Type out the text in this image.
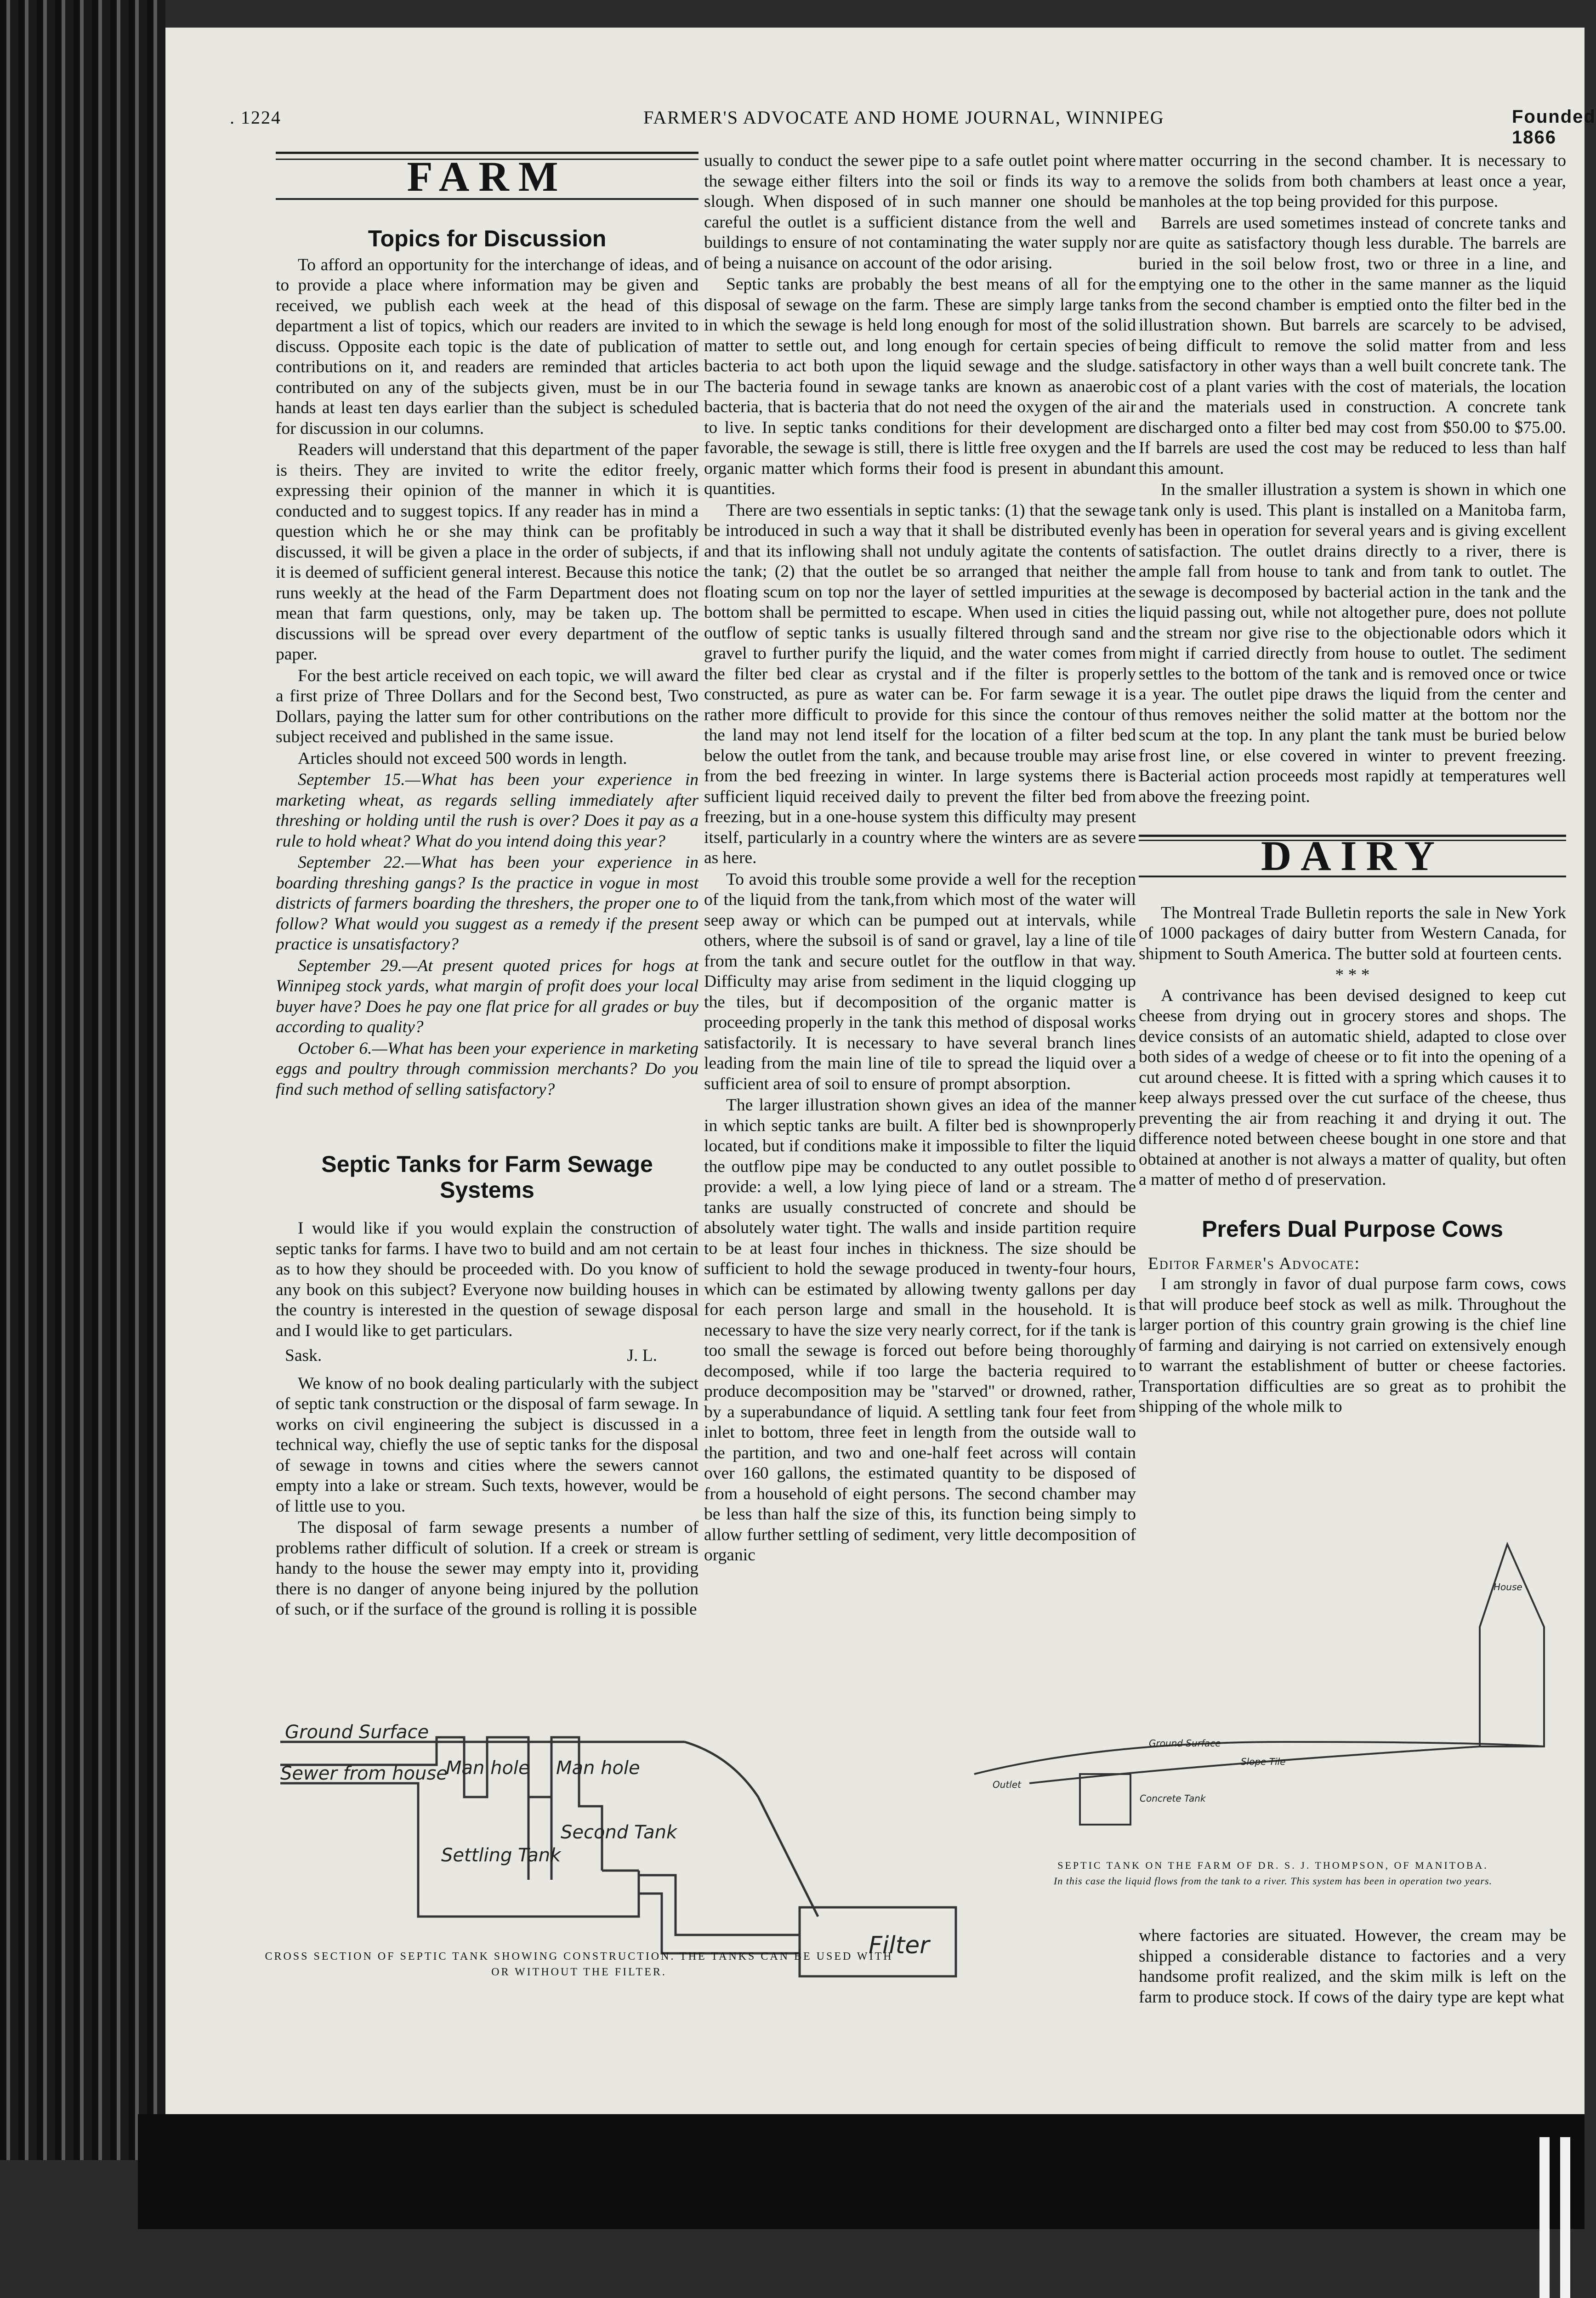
. 1224	FARMER'S ADVOCATE AND HOME JOURNAL, WINNIPEG	Founded 1866
FARM
Topics for Discussion

To afford an opportunity for the interchange of ideas, and to provide a place where information may be given and received, we publish each week at the head of this department a list of topics, which our readers are invited to discuss. Opposite each topic is the date of publication of contributions on it, and readers are reminded that articles contributed on any of the subjects given, must be in our hands at least ten days earlier than the subject is scheduled for discussion in our columns.

Readers will understand that this department of the paper is theirs. They are invited to write the editor freely, expressing their opinion of the manner in which it is conducted and to suggest topics. If any reader has in mind a question which he or she may think can be profitably discussed, it will be given a place in the order of subjects, if it is deemed of sufficient general interest. Because this notice runs weekly at the head of the Farm Department does not mean that farm questions, only, may be taken up. The discussions will be spread over every department of the paper.

For the best article received on each topic, we will award a first prize of Three Dollars and for the Second best, Two Dollars, paying the latter sum for other contributions on the subject received and published in the same issue.

Articles should not exceed 500 words in length.

September 15.—What has been your experience in marketing wheat, as regards selling immediately after threshing or holding until the rush is over? Does it pay as a rule to hold wheat? What do you intend doing this year?

September 22.—What has been your experience in boarding threshing gangs? Is the practice in vogue in most districts of farmers boarding the threshers, the proper one to follow? What would you suggest as a remedy if the present practice is unsatisfactory?

September 29.—At present quoted prices for hogs at Winnipeg stock yards, what margin of profit does your local buyer have? Does he pay one flat price for all grades or buy according to quality?

October 6.—What has been your experience in marketing eggs and poultry through commission merchants? Do you find such method of selling satisfactory?

Septic Tanks for Farm Sewage Systems

I would like if you would explain the construction of septic tanks for farms. I have two to build and am not certain as to how they should be proceeded with. Do you know of any book on this subject? Everyone now building houses in the country is interested in the question of sewage disposal and I would like to get particulars.

Sask.	J. L.

We know of no book dealing particularly with the subject of septic tank construction or the disposal of farm sewage. In works on civil engineering the subject is discussed in a technical way, chiefly the use of septic tanks for the disposal of sewage in towns and cities where the sewers cannot empty into a lake or stream. Such texts, however, would be of little use to you.

The disposal of farm sewage presents a number of problems rather difficult of solution. If a creek or stream is handy to the house the sewer may empty into it, providing there is no danger of anyone being injured by the pollution of such, or if the surface of the ground is rolling it is possible

usually to conduct the sewer pipe to a safe outlet point where the sewage either filters into the soil or finds its way to a slough. When disposed of in such manner one should be careful the outlet is a sufficient distance from the well and buildings to ensure of not contaminating the water supply nor of being a nuisance on account of the odor arising.

Septic tanks are probably the best means of all for the disposal of sewage on the farm. These are simply large tanks in which the sewage is held long enough for most of the solid matter to settle out, and long enough for certain species of bacteria to act both upon the liquid sewage and the sludge. The bacteria found in sewage tanks are known as anaerobic bacteria, that is bacteria that do not need the oxygen of the air to live. In septic tanks conditions for their development are favorable, the sewage is still, there is little free oxygen and the organic matter which forms their food is present in abundant quantities.

There are two essentials in septic tanks: (1) that the sewage be introduced in such a way that it shall be distributed evenly and that its inflowing shall not unduly agitate the contents of the tank; (2) that the outlet be so arranged that neither the floating scum on top nor the layer of settled impurities at the bottom shall be permitted to escape. When used in cities the outflow of septic tanks is usually filtered through sand and gravel to further purify the liquid, and the water comes from the filter bed clear as crystal and if the filter is properly constructed, as pure as water can be. For farm sewage it is rather more difficult to provide for this since the contour of the land may not lend itself for the location of a filter bed below the outlet from the tank, and because trouble may arise from the bed freezing in winter. In large systems there is sufficient liquid received daily to prevent the filter bed from freezing, but in a one-house system this difficulty may present itself, particularly in a country where the winters are as severe as here.

To avoid this trouble some provide a well for the reception of the liquid from the tank,from which most of the water will seep away or which can be pumped out at intervals, while others, where the subsoil is of sand or gravel, lay a line of tile from the tank and secure outlet for the outflow in that way. Difficulty may arise from sediment in the liquid clogging up the tiles, but if decomposition of the organic matter is proceeding properly in the tank this method of disposal works satisfactorily. It is necessary to have several branch lines leading from the main line of tile to spread the liquid over a sufficient area of soil to ensure of prompt absorption.

The larger illustration shown gives an idea of the manner in which septic tanks are built. A filter bed is shownproperly located, but if conditions make it impossible to filter the liquid the outflow pipe may be conducted to any outlet possible to provide: a well, a low lying piece of land or a stream. The tanks are usually constructed of concrete and should be absolutely water tight. The walls and inside partition require to be at least four inches in thickness. The size should be sufficient to hold the sewage produced in twenty-four hours, which can be estimated by allowing twenty gallons per day for each person large and small in the household. It is necessary to have the size very nearly correct, for if the tank is too small the sewage is forced out before being thoroughly decomposed, while if too large the bacteria required to produce decomposition may be "starved" or drowned, rather, by a superabundance of liquid. A settling tank four feet from inlet to bottom, three feet in length from the outside wall to the partition, and two and one-half feet across will contain over 160 gallons, the estimated quantity to be disposed of from a household of eight persons. The second chamber may be less than half the size of this, its function being simply to allow further settling of sediment, very little decomposition of organic

matter occurring in the second chamber. It is necessary to remove the solids from both chambers at least once a year, manholes at the top being provided for this purpose.

Barrels are used sometimes instead of concrete tanks and are quite as satisfactory though less durable. The barrels are buried in the soil below frost, two or three in a line, and emptying one to the other in the same manner as the liquid from the second chamber is emptied onto the filter bed in the illustration shown. But barrels are scarcely to be advised, being difficult to remove the solid matter from and less satisfactory in other ways than a well built concrete tank. The cost of a plant varies with the cost of materials, the location and the materials used in construction. A concrete tank discharged onto a filter bed may cost from $50.00 to $75.00. If barrels are used the cost may be reduced to less than half this amount.

In the smaller illustration a system is shown in which one tank only is used. This plant is installed on a Manitoba farm, has been in operation for several years and is giving excellent satisfaction. The outlet drains directly to a river, there is ample fall from house to tank and from tank to outlet. The sewage is decomposed by bacterial action in the tank and the liquid passing out, while not altogether pure, does not pollute the stream nor give rise to the objectionable odors which it might if carried directly from house to outlet. The sediment settles to the bottom of the tank and is removed once or twice a year. The outlet pipe draws the liquid from the center and thus removes neither the solid matter at the bottom nor the scum at the top. In any plant the tank must be buried below frost line, or else covered in winter to prevent freezing. Bacterial action proceeds most rapidly at temperatures well above the freezing point.

DAIRY

The Montreal Trade Bulletin reports the sale in New York of 1000 packages of dairy butter from Western Canada, for shipment to South America. The butter sold at fourteen cents.

* * *

A contrivance has been devised designed to keep cut cheese from drying out in grocery stores and shops. The device consists of an automatic shield, adapted to close over both sides of a wedge of cheese or to fit into the opening of a cut around cheese. It is fitted with a spring which causes it to keep always pressed over the cut surface of the cheese, thus preventing the air from reaching it and drying it out. The difference noted between cheese bought in one store and that obtained at another is not always a matter of quality, but often a matter of metho d of preservation.

Prefers Dual Purpose Cows
Editor Farmer's Advocate:

I am strongly in favor of dual purpose farm cows, cows that will produce beef stock as well as milk. Throughout the larger portion of this country grain growing is the chief line of farming and dairying is not carried on extensively enough to warrant the establishment of butter or cheese factories. Transportation difficulties are so great as to prohibit the shipping of the whole milk to

where factories are situated. However, the cream may be shipped a considerable distance to factories and a very handsome profit realized, and the skim milk is left on the farm to produce stock. If cows of the dairy type are kept what

Ground Surface
Sewer from house
Man hole Man hole
Settling Tank
Second Tank
Filter
CROSS SECTION OF SEPTIC TANK SHOWING CONSTRUCTION. THE TANKS CAN BE USED WITH OR WITHOUT THE FILTER.
Ground Surface
Slope Tile
Outlet
Concrete Tank
House
SEPTIC TANK ON THE FARM OF DR. S. J. THOMPSON, OF MANITOBA.
In this case the liquid flows from the tank to a river. This system has been in operation two years.
